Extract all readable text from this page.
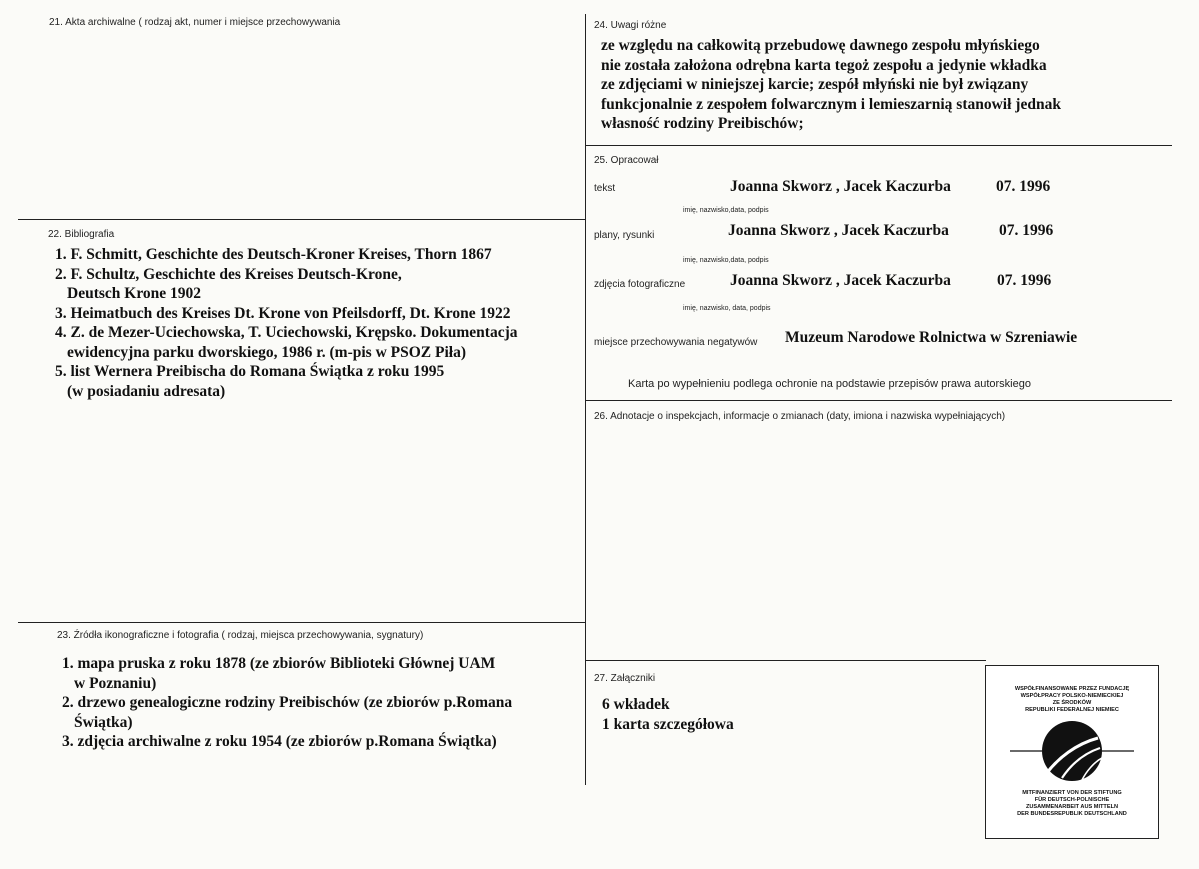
21. Akta archiwalne ( rodzaj akt, numer i miejsce przechowywania
22. Bibliografia
1. F. Schmitt, Geschichte des Deutsch-Kroner Kreises, Thorn 1867
2. F. Schultz, Geschichte des Kreises Deutsch-Krone,
Deutsch Krone 1902
3. Heimatbuch des Kreises Dt. Krone von Pfeilsdorff, Dt. Krone 1922
4. Z. de Mezer-Uciechowska, T. Uciechowski, Krępsko. Dokumentacja
ewidencyjna parku dworskiego, 1986 r. (m-pis w PSOZ Piła)
5. list Wernera Preibischa do Romana Świątka z roku 1995
(w posiadaniu adresata)
23. Źródła ikonograficzne i fotografia ( rodzaj, miejsca przechowywania, sygnatury)
1. mapa pruska z roku 1878 (ze zbiorów Biblioteki Głównej UAM
w Poznaniu)
2. drzewo genealogiczne rodziny Preibischów (ze zbiorów p.Romana
Świątka)
3. zdjęcia archiwalne z roku 1954 (ze zbiorów p.Romana Świątka)
24. Uwagi różne
ze względu na całkowitą przebudowę dawnego zespołu młyńskiego
nie została założona odrębna karta tegoż zespołu a jedynie wkładka
ze zdjęciami w niniejszej karcie; zespół młyński nie był związany
funkcjonalnie z zespołem folwarcznym i lemieszarnią stanowił jednak
własność rodziny Preibischów;
25. Opracował
tekst	Joanna Skworz , Jacek Kaczurba	07. 1996
imię, nazwisko,data, podpis
plany, rysunki	Joanna Skworz , Jacek Kaczurba	07. 1996
imię, nazwisko,data, podpis
zdjęcia fotograficzne	Joanna Skworz , Jacek Kaczurba	07. 1996
imię, nazwisko, data, podpis
miejsce przechowywania negatywów Muzeum Narodowe Rolnictwa w Szreniawie
Karta po wypełnieniu podlega ochronie na podstawie przepisów prawa autorskiego
26. Adnotacje o inspekcjach, informacje o zmianach (daty, imiona i nazwiska wypełniających)
27. Załączniki
6 wkładek
1 karta szczegółowa
WSPÓŁFINANSOWANE PRZEZ FUNDACJĘ
WSPÓŁPRACY POLSKO-NIEMIECKIEJ
ZE ŚRODKÓW
REPUBLIKI FEDERALNEJ NIEMIEC
MITFINANZIERT VON DER STIFTUNG
FÜR DEUTSCH-POLNISCHE
ZUSAMMENARBEIT AUS MITTELN
DER BUNDESREPUBLIK DEUTSCHLAND
